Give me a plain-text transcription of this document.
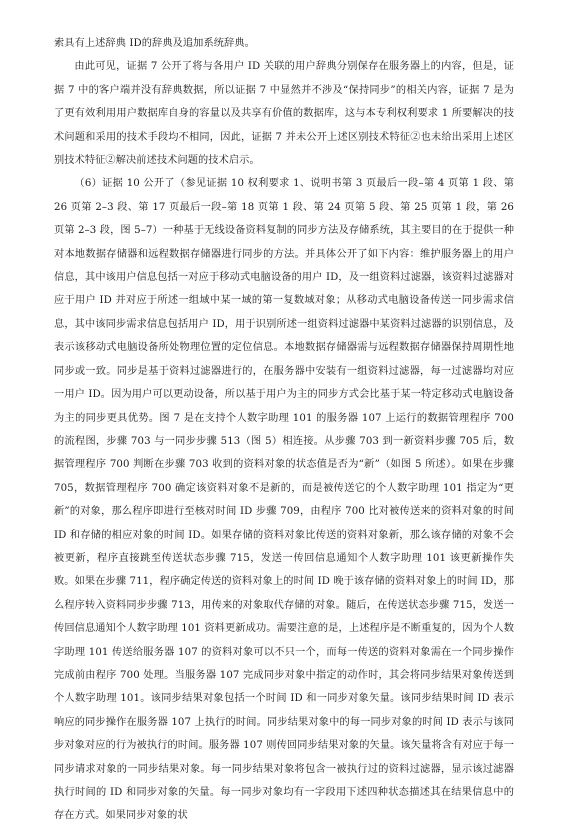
索具有上述辞典 ID的辞典及追加系统辞典。

由此可见，证据 7 公开了将与各用户 ID 关联的用户辞典分别保存在服务器上的内容，但是，证据 7 中的客户端并没有辞典数据，所以证据 7 中显然并不涉及“保持同步”的相关内容，证据 7 是为了更有效利用用户数据库自身的容量以及共享有价值的数据库，这与本专利权利要求 1 所要解决的技术问题和采用的技术手段均不相同，因此，证据 7 并未公开上述区别技术特征②也未给出采用上述区别技术特征②解决前述技术问题的技术启示。

（6）证据 10 公开了（参见证据 10 权利要求 1、说明书第 3 页最后一段–第 4 页第 1 段、第 26 页第 2–3 段、第 17 页最后一段–第 18 页第 1 段、第 24 页第 5 段、第 25 页第 1 段，第 26 页第 2–3 段，图 5–7）一种基于无线设备资料复制的同步方法及存储系统，其主要目的在于提供一种对本地数据存储器和远程数据存储器进行同步的方法。并具体公开了如下内容：维护服务器上的用户信息，其中该用户信息包括一对应于移动式电脑设备的用户 ID，及一组资料过滤器，该资料过滤器对应于用户 ID 并对应于所述一组域中某一域的第一复数域对象；从移动式电脑设备传送一同步需求信息，其中该同步需求信息包括用户 ID，用于识别所述一组资料过滤器中某资料过滤器的识别信息，及表示该移动式电脑设备所处物理位置的定位信息。本地数据存储器需与远程数据存储器保持周期性地同步或一致。同步是基于资料过滤器进行的，在服务器中安装有一组资料过滤器，每一过滤器均对应一用户 ID。因为用户可以更动设备，所以基于用户为主的同步方式会比基于某一特定移动式电脑设备为主的同步更具优势。图 7 是在支持个人数字助理 101 的服务器 107 上运行的数据管理程序 700 的流程图，步骤 703 与一同步步骤 513（图 5）相连接。从步骤 703 到一新资料步骤 705 后，数据管理程序 700 判断在步骤 703 收到的资料对象的状态值是否为“新”（如图 5 所述）。如果在步骤 705，数据管理程序 700 确定该资料对象不是新的，而是被传送它的个人数字助理 101 指定为“更新”的对象，那么程序即进行至核对时间 ID 步骤 709，由程序 700 比对被传送来的资料对象的时间 ID 和存储的相应对象的时间 ID。如果存储的资料对象比传送的资料对象新，那么该存储的对象不会被更新，程序直接跳至传送状态步骤 715，发送一传回信息通知个人数字助理 101 该更新操作失败。如果在步骤 711，程序确定传送的资料对象上的时间 ID 晚于该存储的资料对象上的时间 ID，那么程序转入资料同步步骤 713，用传来的对象取代存储的对象。随后，在传送状态步骤 715，发送一传回信息通知个人数字助理 101 资料更新成功。需要注意的是，上述程序是不断重复的，因为个人数字助理 101 传送给服务器 107 的资料对象可以不只一个，而每一传送的资料对象需在一个同步操作完成前由程序 700 处理。当服务器 107 完成同步对象中指定的动作时，其会将同步结果对象传送到个人数字助理 101。该同步结果对象包括一个时间 ID 和一同步对象矢量。该同步结果时间 ID 表示响应的同步操作在服务器 107 上执行的时间。同步结果对象中的每一同步对象的时间 ID 表示与该同步对象对应的行为被执行的时间。服务器 107 则传回同步结果对象的矢量。该矢量将含有对应于每一同步请求对象的一同步结果对象。每一同步结果对象将包含一被执行过的资料过滤器，显示该过滤器执行时间的 ID 和同步对象的矢量。每一同步对象均有一字段用下述四种状态描述其在结果信息中的存在方式。如果同步对象的状
